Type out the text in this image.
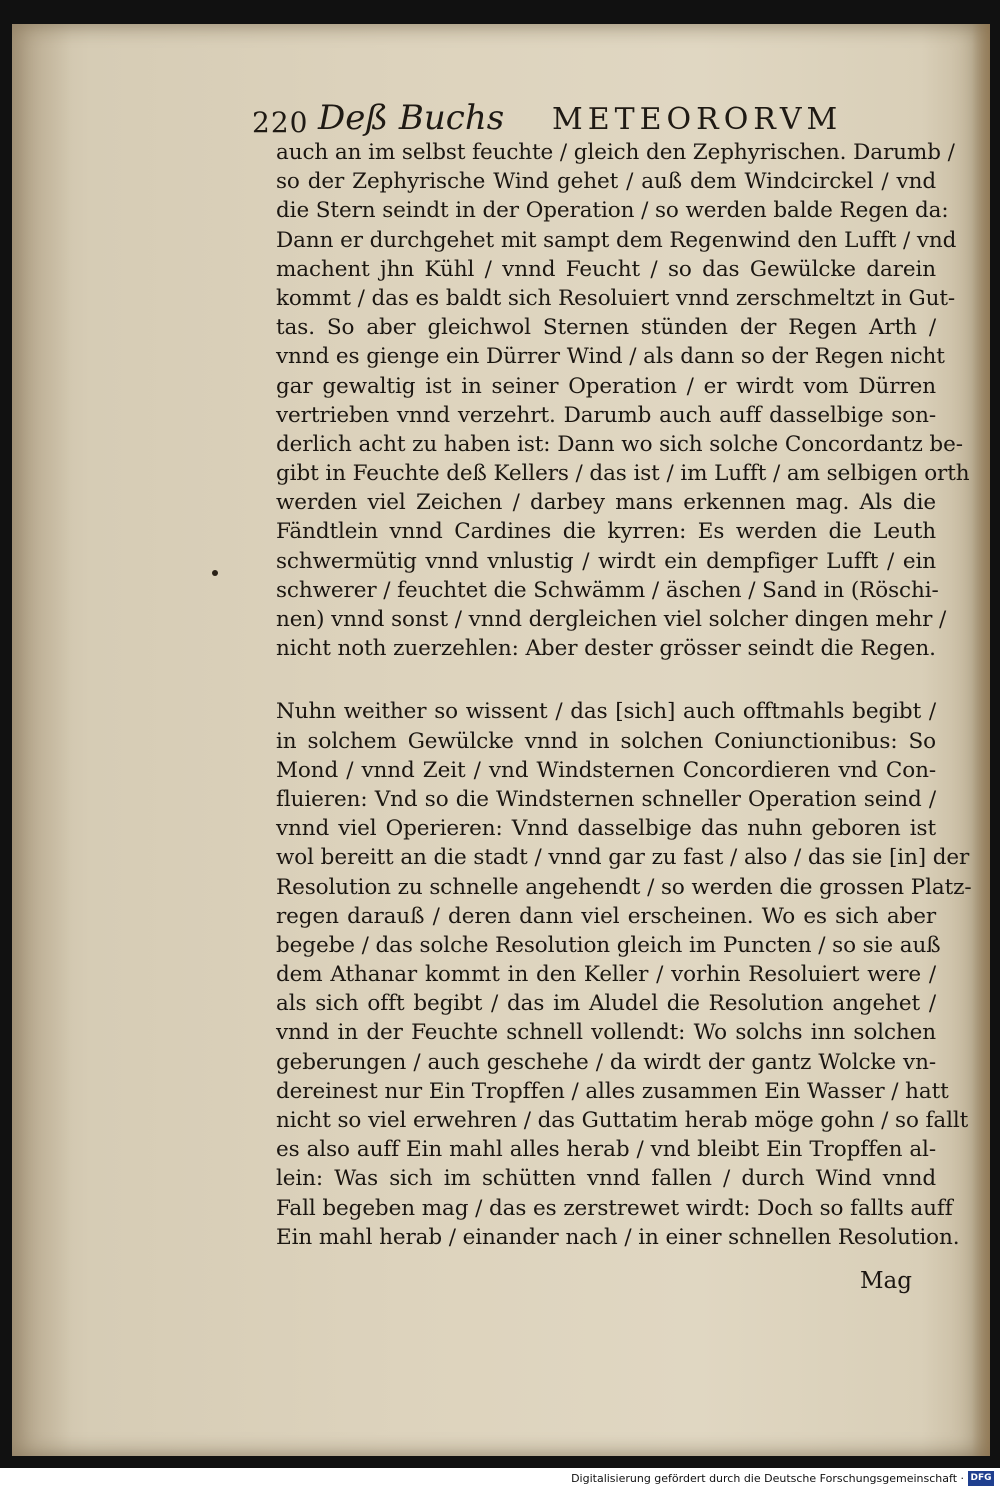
220 Deß Buchs METEORORVM
auch an im selbst feuchte / gleich den Zephyrischen. Darumb /
so der Zephyrische Wind gehet / auß dem Windcirckel / vnd
die Stern seindt in der Operation / so werden balde Regen da:
Dann er durchgehet mit sampt dem Regenwind den Lufft / vnd
machent jhn Kühl / vnnd Feucht / so das Gewülcke darein
kommt / das es baldt sich Resoluiert vnnd zerschmeltzt in Gut-
tas. So aber gleichwol Sternen stünden der Regen Arth /
vnnd es gienge ein Dürrer Wind / als dann so der Regen nicht
gar gewaltig ist in seiner Operation / er wirdt vom Dürren
vertrieben vnnd verzehrt. Darumb auch auff dasselbige son-
derlich acht zu haben ist: Dann wo sich solche Concordantz be-
gibt in Feuchte deß Kellers / das ist / im Lufft / am selbigen orth
werden viel Zeichen / darbey mans erkennen mag. Als die
Fändtlein vnnd Cardines die kyrren: Es werden die Leuth
schwermütig vnnd vnlustig / wirdt ein dempfiger Lufft / ein
schwerer / feuchtet die Schwämm / äschen / Sand in (Röschi-
nen) vnnd sonst / vnnd dergleichen viel solcher dingen mehr /
nicht noth zuerzehlen: Aber dester grösser seindt die Regen.
Nuhn weither so wissent / das [sich] auch offtmahls begibt /
in solchem Gewülcke vnnd in solchen Coniunctionibus: So
Mond / vnnd Zeit / vnd Windsternen Concordieren vnd Con-
fluieren: Vnd so die Windsternen schneller Operation seind /
vnnd viel Operieren: Vnnd dasselbige das nuhn geboren ist
wol bereitt an die stadt / vnnd gar zu fast / also / das sie [in] der
Resolution zu schnelle angehendt / so werden die grossen Platz-
regen darauß / deren dann viel erscheinen. Wo es sich aber
begebe / das solche Resolution gleich im Puncten / so sie auß
dem Athanar kommt in den Keller / vorhin Resoluiert were /
als sich offt begibt / das im Aludel die Resolution angehet /
vnnd in der Feuchte schnell vollendt: Wo solchs inn solchen
geberungen / auch geschehe / da wirdt der gantz Wolcke vn-
dereinest nur Ein Tropffen / alles zusammen Ein Wasser / hatt
nicht so viel erwehren / das Guttatim herab möge gohn / so fallt
es also auff Ein mahl alles herab / vnd bleibt Ein Tropffen al-
lein: Was sich im schütten vnnd fallen / durch Wind vnnd
Fall begeben mag / das es zerstrewet wirdt: Doch so fallts auff
Ein mahl herab / einander nach / in einer schnellen Resolution.
Mag
Digitalisierung gefördert durch die Deutsche Forschungsgemeinschaft · DFG
